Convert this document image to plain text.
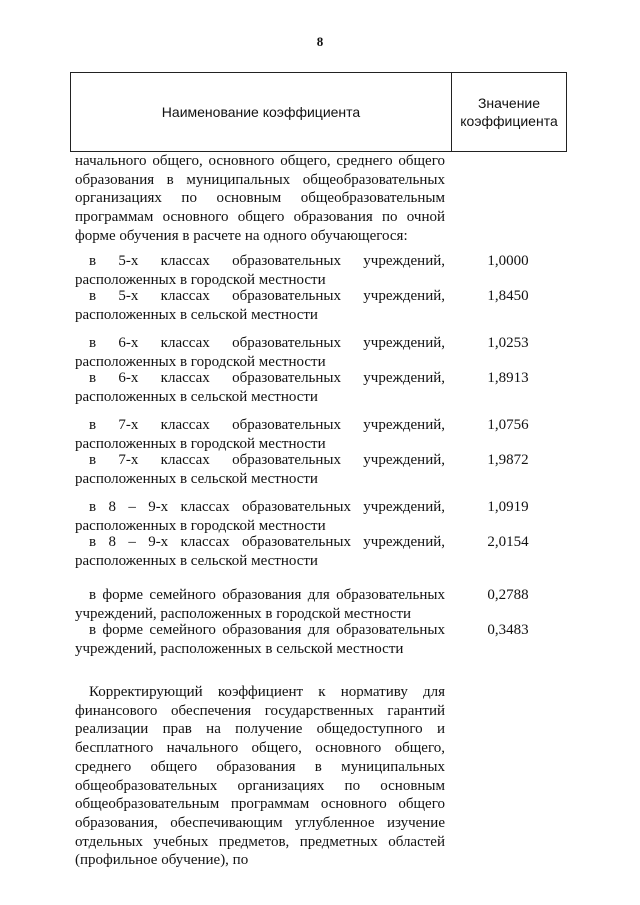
8
Наименование коэффициента
Значение
коэффициента
начального общего, основного общего, среднего общего образования в муниципальных общеобразовательных организациях по основным общеобразовательным программам основного общего образования по очной форме обучения в расчете на одного обучающегося:
в 5-х классах образовательных учреждений, расположенных в городской местности
1,0000
в 5-х классах образовательных учреждений, расположенных в сельской местности
1,8450
в 6-х классах образовательных учреждений, расположенных в городской местности
1,0253
в 6-х классах образовательных учреждений, расположенных в сельской местности
1,8913
в 7-х классах образовательных учреждений, расположенных в городской местности
1,0756
в 7-х классах образовательных учреждений, расположенных в сельской местности
1,9872
в 8 – 9-х классах образовательных учреждений, расположенных в городской местности
1,0919
в 8 – 9-х классах образовательных учреждений, расположенных в сельской местности
2,0154
в форме семейного образования для образовательных учреждений, расположенных в городской местности
0,2788
в форме семейного образования для образовательных учреждений, расположенных в сельской местности
0,3483
Корректирующий коэффициент к нормативу для финансового обеспечения государственных гарантий реализации прав на получение общедоступного и бесплатного начального общего, основного общего, среднего общего образования в муниципальных общеобразовательных организациях по основным общеобразовательным программам основного общего образования, обеспечивающим углубленное изучение отдельных учебных предметов, предметных областей (профильное обучение), по
